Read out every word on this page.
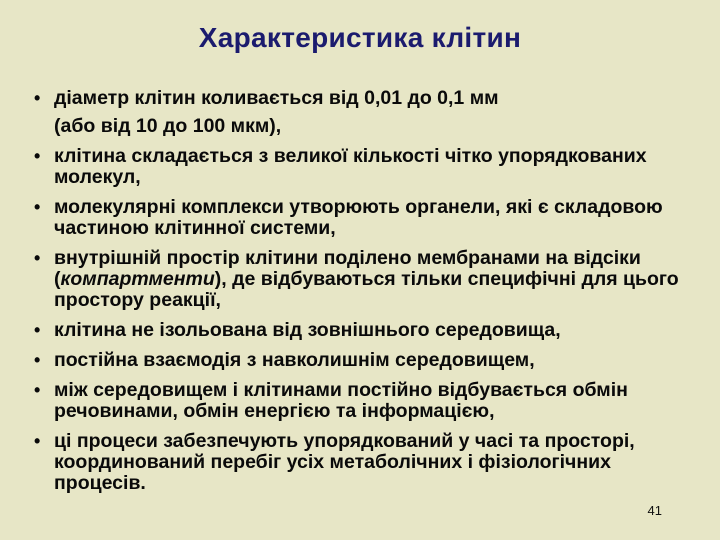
Характеристика клітин
• діаметр клітин коливається від 0,01 до 0,1 мм
(або від 10 до 100 мкм),
• клітина складається з великої кількості чітко упорядкованих молекул,
• молекулярні комплекси утворюють органели, які є складовою частиною клітинної системи,
• внутрішній простір клітини поділено мембранами на відсіки (компартменти), де відбуваються тільки специфічні для цього простору реакції,
• клітина не ізольована від зовнішнього середовища,
• постійна взаємодія з навколишнім середовищем,
• між середовищем і клітинами постійно відбувається обмін речовинами, обмін енергією та інформацією,
• ці процеси забезпечують упорядкований у часі та просторі, координований перебіг усіх метаболічних і фізіологічних процесів.
41
